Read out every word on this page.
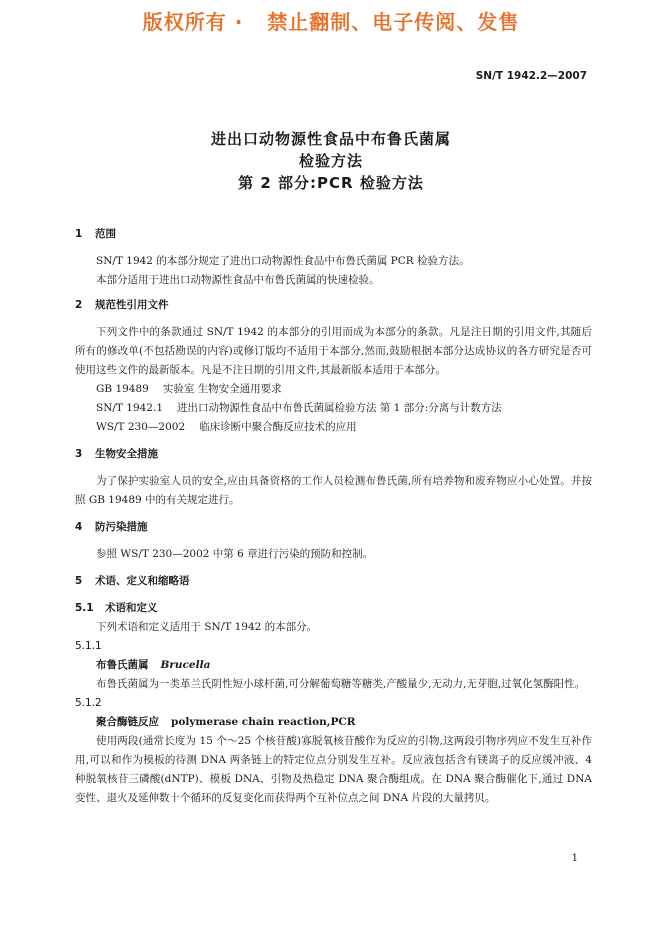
版权所有 ·   禁止翻制、电子传阅、发售
SN/T 1942.2—2007
进出口动物源性食品中布鲁氏菌属
检验方法
第 2 部分:PCR 检验方法

1 范围

SN/T 1942 的本部分规定了进出口动物源性食品中布鲁氏菌属 PCR 检验方法。

本部分适用于进出口动物源性食品中布鲁氏菌属的快速检验。

2 规范性引用文件

下列文件中的条款通过 SN/T 1942 的本部分的引用而成为本部分的条款。凡是注日期的引用文件,其随后所有的修改单(不包括勘误的内容)或修订版均不适用于本部分,然而,鼓励根据本部分达成协议的各方研究是否可使用这些文件的最新版本。凡是不注日期的引用文件,其最新版本适用于本部分。

GB 19489 实验室 生物安全通用要求

SN/T 1942.1 进出口动物源性食品中布鲁氏菌属检验方法 第 1 部分:分离与计数方法

WS/T 230—2002 临床诊断中聚合酶反应技术的应用

3 生物安全措施

为了保护实验室人员的安全,应由具备资格的工作人员检测布鲁氏菌,所有培养物和废弃物应小心处置。并按照 GB 19489 中的有关规定进行。

4 防污染措施

参照 WS/T 230—2002 中第 6 章进行污染的预防和控制。

5 术语、定义和缩略语

5.1 术语和定义

下列术语和定义适用于 SN/T 1942 的本部分。

5.1.1

布鲁氏菌属 Brucella

布鲁氏菌属为一类革兰氏阴性短小球杆菌,可分解葡萄糖等糖类,产酸量少,无动力,无芽胞,过氧化氢酶阳性。

5.1.2

聚合酶链反应 polymerase chain reaction,PCR

使用两段(通常长度为 15 个～25 个核苷酸)寡脱氧核苷酸作为反应的引物,这两段引物序列应不发生互补作用,可以和作为模板的待测 DNA 两条链上的特定位点分别发生互补。反应液包括含有镁离子的反应缓冲液、4 种脱氧核苷三磷酸(dNTP)、模板 DNA、引物及热稳定 DNA 聚合酶组成。在 DNA 聚合酶催化下,通过 DNA 变性、退火及延伸数十个循环的反复变化而获得两个互补位点之间 DNA 片段的大量拷贝。

1
